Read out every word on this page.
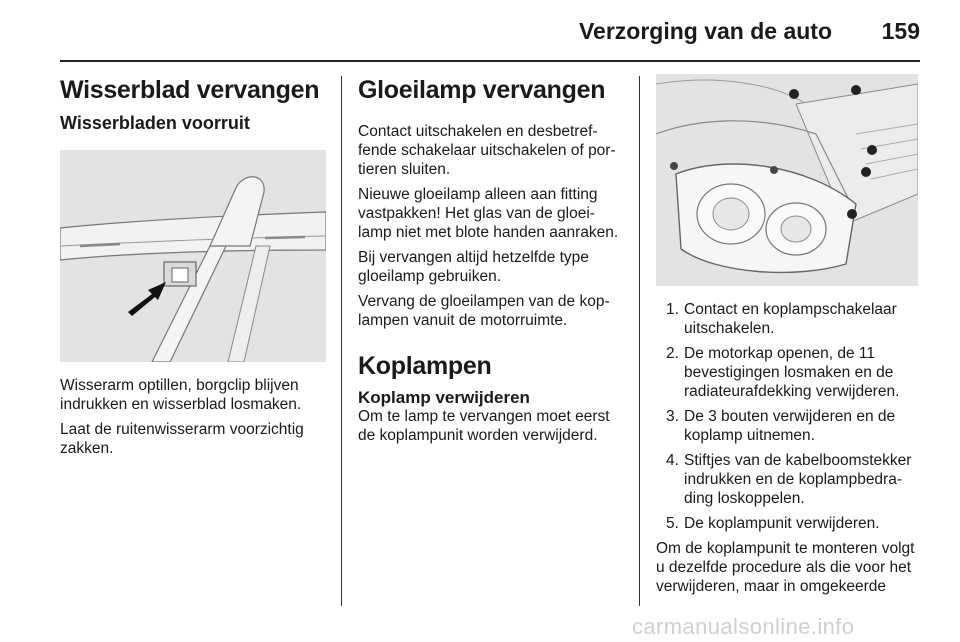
Verzorging van de auto 159
Wisserblad vervangen
Wisserbladen voorruit

Wisserarm optillen, borgclip blijven indrukken en wisserblad losmaken.

Laat de ruitenwisserarm voorzichtig zakken.

Gloeilamp vervangen

Contact uitschakelen en desbetref-fende schakelaar uitschakelen of por-tieren sluiten.

Nieuwe gloeilamp alleen aan fitting vastpakken! Het glas van de gloei-lamp niet met blote handen aanraken.

Bij vervangen altijd hetzelfde type gloeilamp gebruiken.

Vervang de gloeilampen van de kop-lampen vanuit de motorruimte.

Koplampen
Koplamp verwijderen

Om te lamp te vervangen moet eerst de koplampunit worden verwijderd.

1. Contact en koplampschakelaar uitschakelen.
2. De motorkap openen, de 11 bevestigingen losmaken en de radiateurafdekking verwijderen.
3. De 3 bouten verwijderen en de koplamp uitnemen.
4. Stiftjes van de kabelboomstekker indrukken en de koplampbedra-ding loskoppelen.
5. De koplampunit verwijderen.

Om de koplampunit te monteren volgt u dezelfde procedure als die voor het verwijderen, maar in omgekeerde

carmanualsonline.info
